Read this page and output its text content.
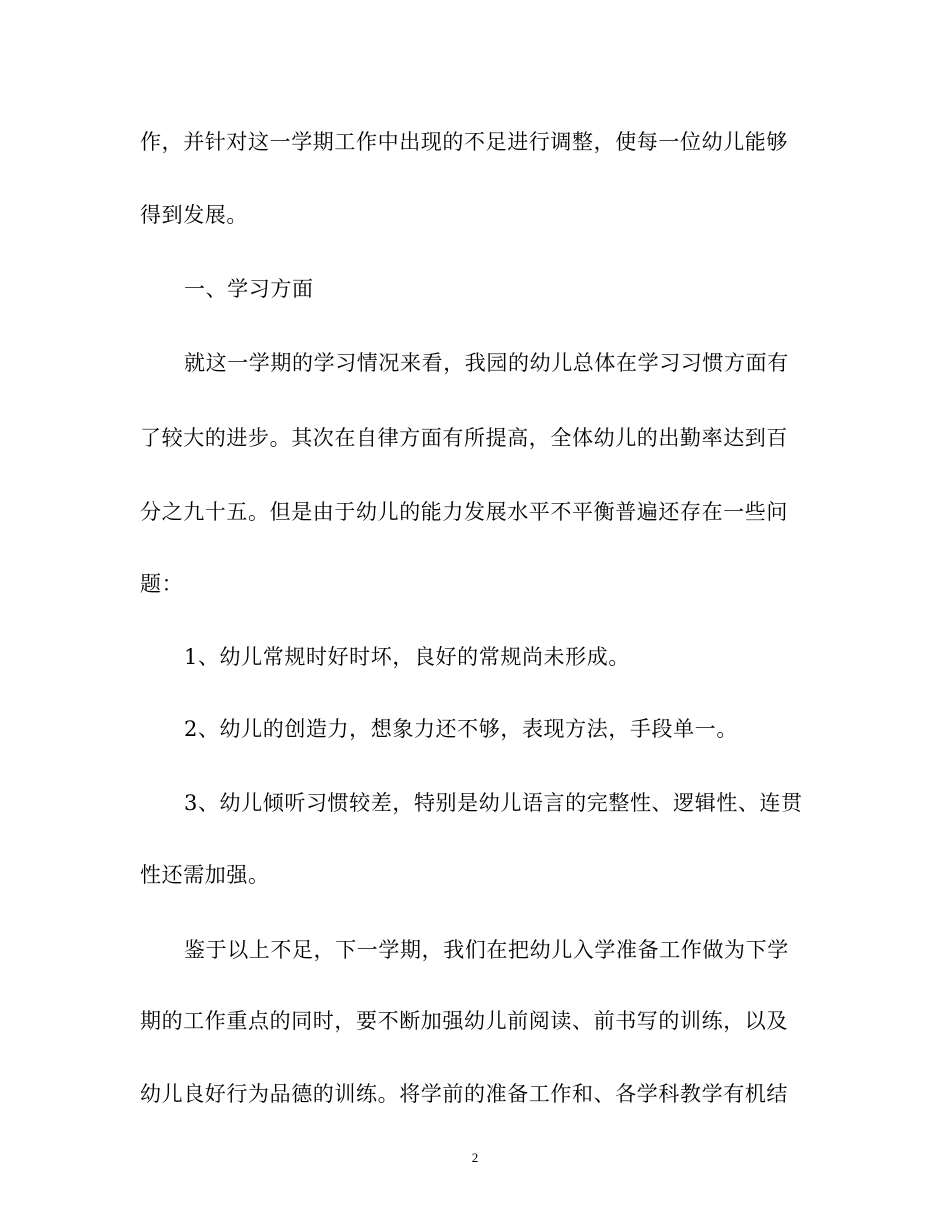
作，并针对这一学期工作中出现的不足进行调整，使每一位幼儿能够
得到发展。
一、学习方面
就这一学期的学习情况来看，我园的幼儿总体在学习习惯方面有
了较大的进步。其次在自律方面有所提高，全体幼儿的出勤率达到百
分之九十五。但是由于幼儿的能力发展水平不平衡普遍还存在一些问
题：
1、幼儿常规时好时坏，良好的常规尚未形成。
2、幼儿的创造力，想象力还不够，表现方法，手段单一。
3、幼儿倾听习惯较差，特别是幼儿语言的完整性、逻辑性、连贯
性还需加强。
鉴于以上不足，下一学期，我们在把幼儿入学准备工作做为下学
期的工作重点的同时，要不断加强幼儿前阅读、前书写的训练，以及
幼儿良好行为品德的训练。将学前的准备工作和、各学科教学有机结
2
